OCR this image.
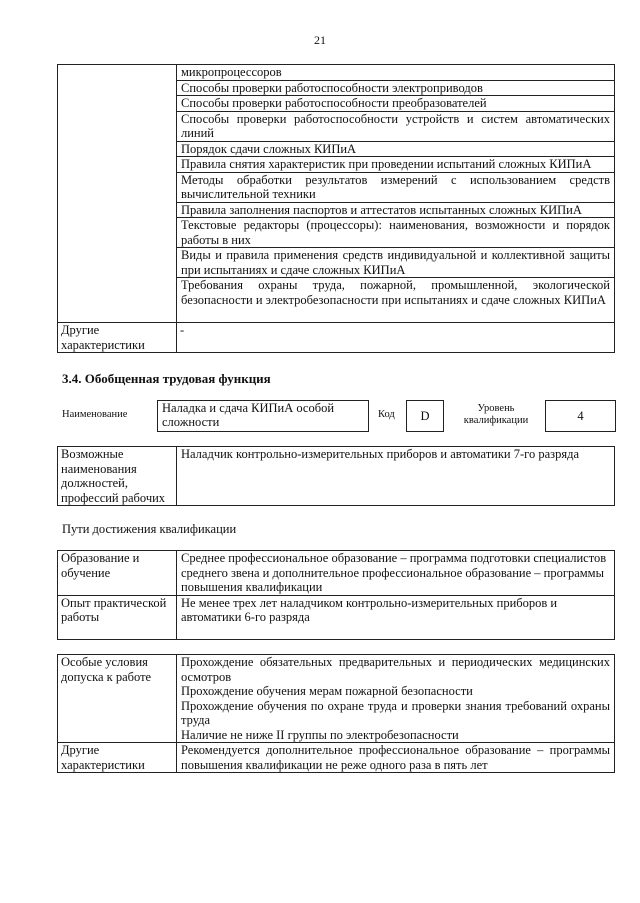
21
	микропроцессоров
	Способы проверки работоспособности электроприводов
	Способы проверки работоспособности преобразователей
	Способы проверки работоспособности устройств и систем автоматических линий
	Порядок сдачи сложных КИПиА
	Правила снятия характеристик при проведении испытаний сложных КИПиА
	Методы обработки результатов измерений с использованием средств вычислительной техники
	Правила заполнения паспортов и аттестатов испытанных сложных КИПиА
	Текстовые редакторы (процессоры): наименования, возможности и порядок работы в них
	Виды и правила применения средств индивидуальной и коллективной защиты при испытаниях и сдаче сложных КИПиА
	Требования охраны труда, пожарной, промышленной, экологической безопасности и электробезопасности при испытаниях и сдаче сложных КИПиА
Другие характеристики	-
3.4. Обобщенная трудовая функция
Наименование	Наладка и сдача КИПиА особой сложности
Код	D
Уровень квалификации	4
Возможные наименования должностей, профессий рабочих	Наладчик контрольно-измерительных приборов и автоматики 7-го разряда
Пути достижения квалификации
Образование и обучение	Среднее профессиональное образование – программа подготовки специалистов среднего звена и дополнительное профессиональное образование – программы повышения квалификации
Опыт практической работы	Не менее трех лет наладчиком контрольно-измерительных приборов и автоматики 6-го разряда
Особые условия допуска к работе	Прохождение обязательных предварительных и периодических медицинских осмотров
Прохождение обучения мерам пожарной безопасности
Прохождение обучения по охране труда и проверки знания требований охраны труда
Наличие не ниже II группы по электробезопасности

Другие характеристики	Рекомендуется дополнительное профессиональное образование – программы повышения квалификации не реже одного раза в пять лет
